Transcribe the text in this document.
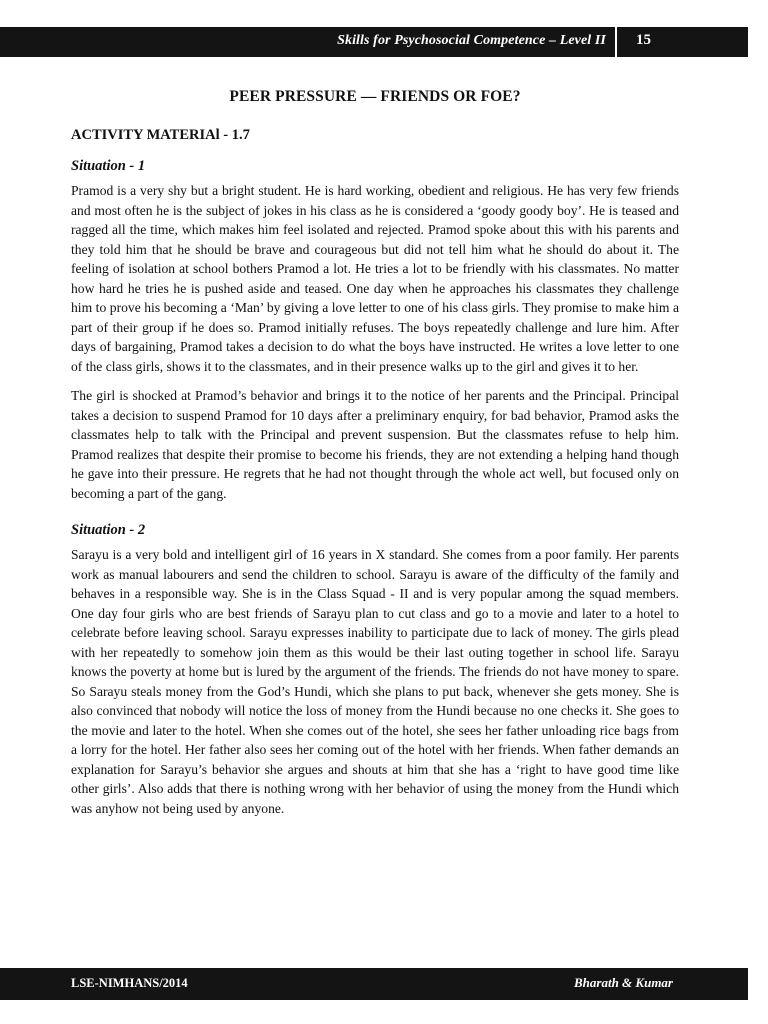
Skills for Psychosocial Competence – Level II 15
PEER PRESSURE — FRIENDS OR FOE?
ACTIVITY MATERIAl - 1.7
Situation - 1

Pramod is a very shy but a bright student. He is hard working, obedient and religious. He has very few friends and most often he is the subject of jokes in his class as he is considered a ‘goody goody boy’. He is teased and ragged all the time, which makes him feel isolated and rejected. Pramod spoke about this with his parents and they told him that he should be brave and courageous but did not tell him what he should do about it. The feeling of isolation at school bothers Pramod a lot. He tries a lot to be friendly with his classmates. No matter how hard he tries he is pushed aside and teased. One day when he approaches his classmates they challenge him to prove his becoming a ‘Man’ by giving a love letter to one of his class girls. They promise to make him a part of their group if he does so. Pramod initially refuses. The boys repeatedly challenge and lure him. After days of bargaining, Pramod takes a decision to do what the boys have instructed. He writes a love letter to one of the class girls, shows it to the classmates, and in their presence walks up to the girl and gives it to her.

The girl is shocked at Pramod’s behavior and brings it to the notice of her parents and the Principal. Principal takes a decision to suspend Pramod for 10 days after a preliminary enquiry, for bad behavior, Pramod asks the classmates help to talk with the Principal and prevent suspension. But the classmates refuse to help him. Pramod realizes that despite their promise to become his friends, they are not extending a helping hand though he gave into their pressure. He regrets that he had not thought through the whole act well, but focused only on becoming a part of the gang.

Situation - 2

Sarayu is a very bold and intelligent girl of 16 years in X standard. She comes from a poor family. Her parents work as manual labourers and send the children to school. Sarayu is aware of the difficulty of the family and behaves in a responsible way. She is in the Class Squad - II and is very popular among the squad members. One day four girls who are best friends of Sarayu plan to cut class and go to a movie and later to a hotel to celebrate before leaving school. Sarayu expresses inability to participate due to lack of money. The girls plead with her repeatedly to somehow join them as this would be their last outing together in school life. Sarayu knows the poverty at home but is lured by the argument of the friends. The friends do not have money to spare. So Sarayu steals money from the God’s Hundi, which she plans to put back, whenever she gets money. She is also convinced that nobody will notice the loss of money from the Hundi because no one checks it. She goes to the movie and later to the hotel. When she comes out of the hotel, she sees her father unloading rice bags from a lorry for the hotel. Her father also sees her coming out of the hotel with her friends. When father demands an explanation for Sarayu’s behavior she argues and shouts at him that she has a ‘right to have good time like other girls’. Also adds that there is nothing wrong with her behavior of using the money from the Hundi which was anyhow not being used by anyone.

LSE-NIMHANS/2014	Bharath & Kumar
